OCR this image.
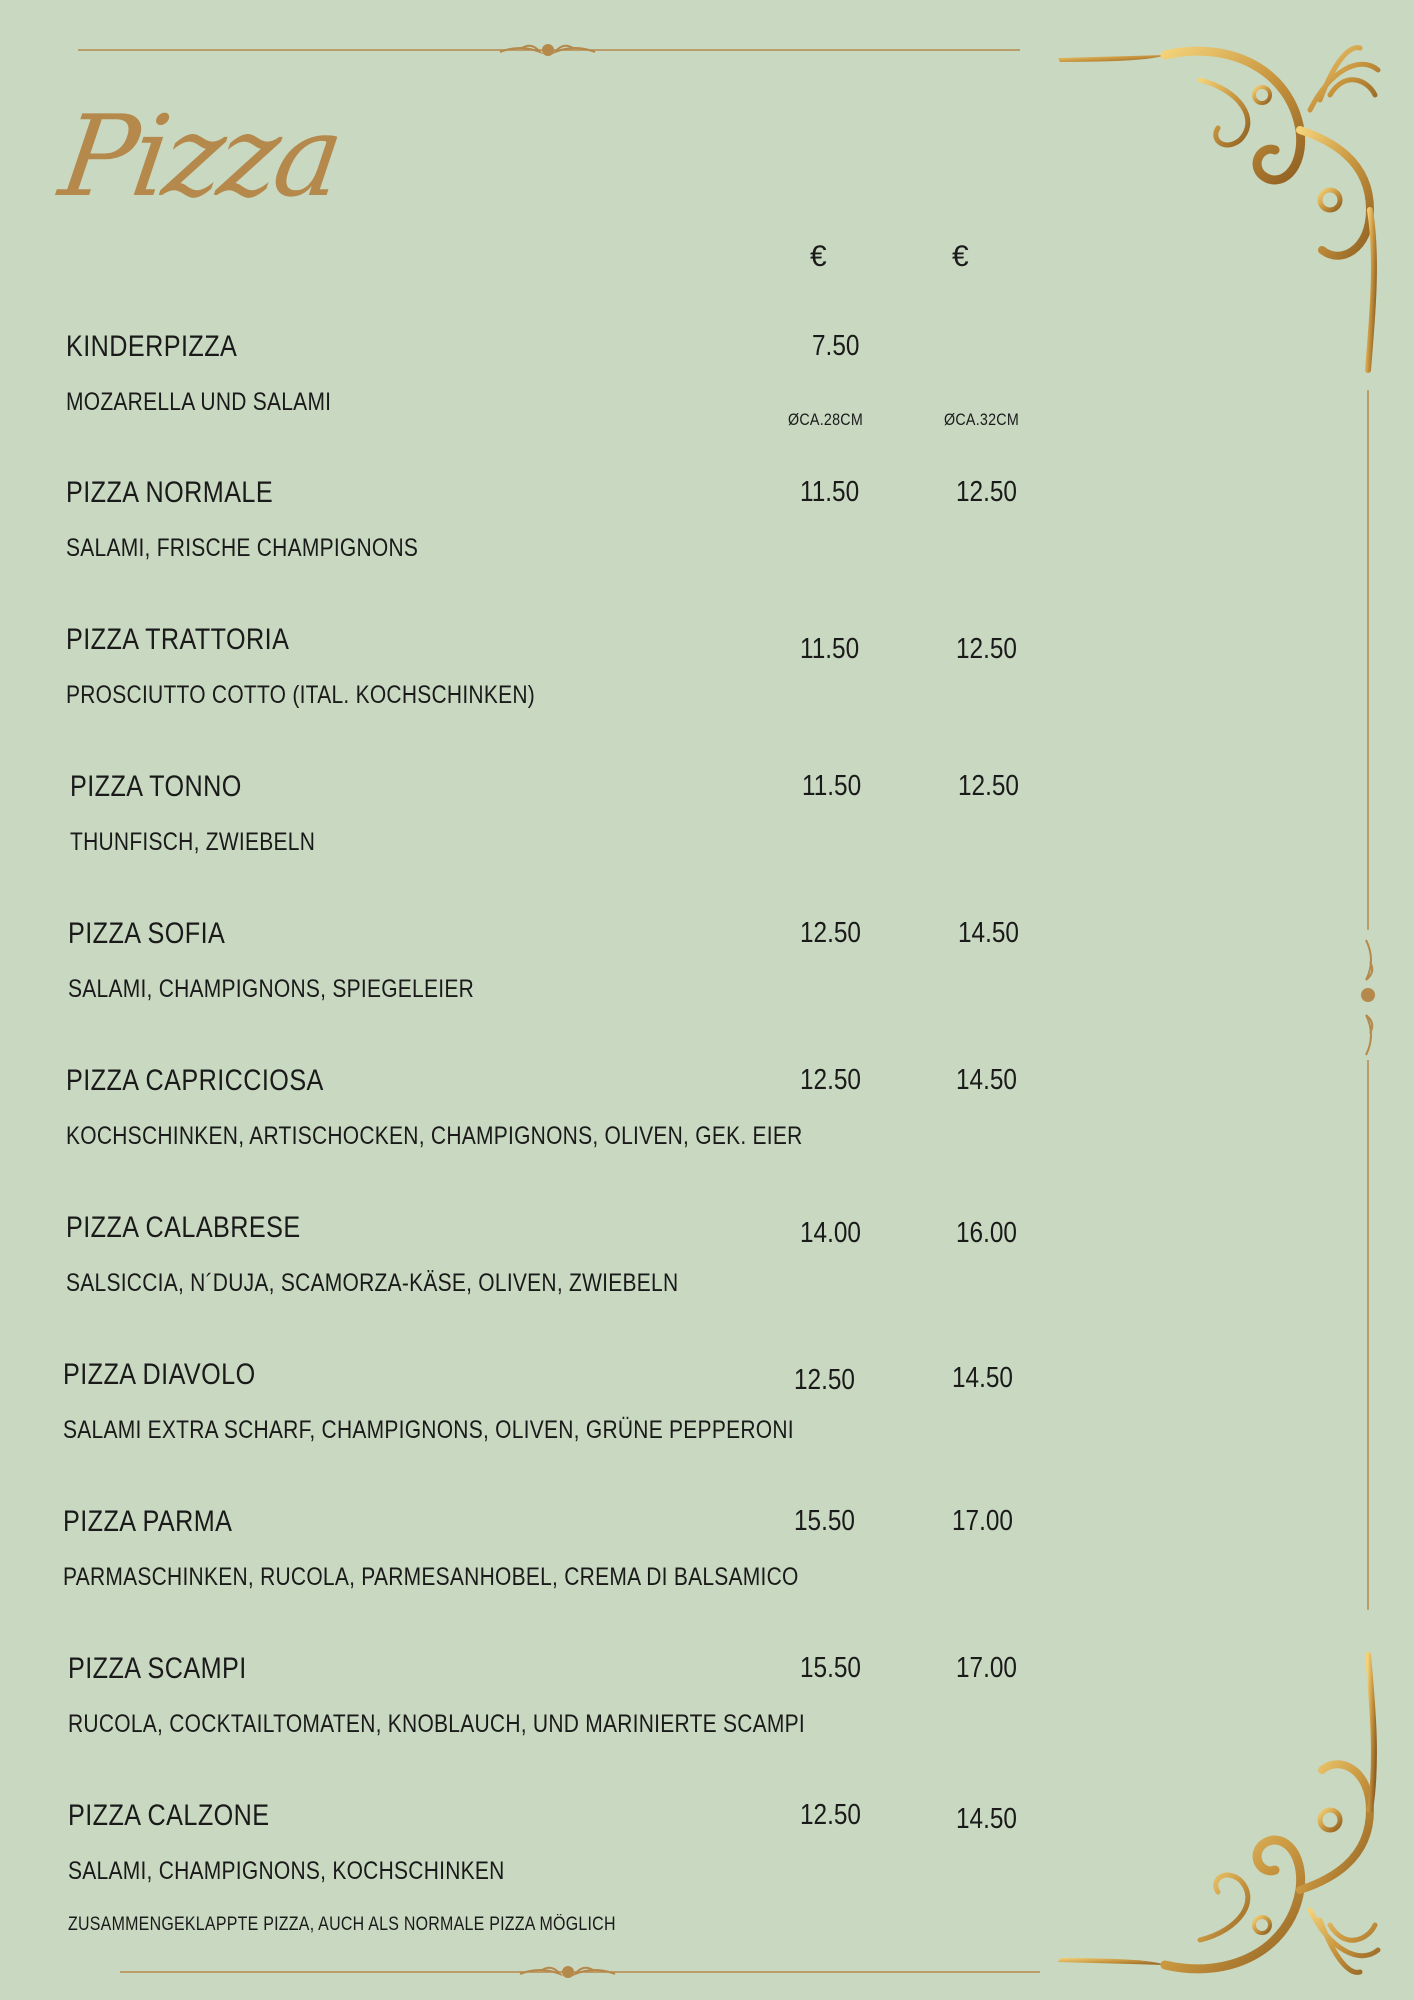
Pizza
€	€
ØCA.28CM	ØCA.32CM
KINDERPIZZA
MOZARELLA UND SALAMI
7.50
PIZZA NORMALE
SALAMI, FRISCHE CHAMPIGNONS
11.50	12.50
PIZZA TRATTORIA
PROSCIUTTO COTTO (ITAL. KOCHSCHINKEN)
11.50	12.50
PIZZA TONNO
THUNFISCH, ZWIEBELN
11.50	12.50
PIZZA SOFIA
SALAMI, CHAMPIGNONS, SPIEGELEIER
12.50	14.50
PIZZA CAPRICCIOSA
KOCHSCHINKEN, ARTISCHOCKEN, CHAMPIGNONS, OLIVEN, GEK. EIER
12.50	14.50
PIZZA CALABRESE
SALSICCIA, N´DUJA, SCAMORZA-KÄSE, OLIVEN, ZWIEBELN
14.00	16.00
PIZZA DIAVOLO
SALAMI EXTRA SCHARF, CHAMPIGNONS, OLIVEN, GRÜNE PEPPERONI
12.50	14.50
PIZZA PARMA
PARMASCHINKEN, RUCOLA, PARMESANHOBEL, CREMA DI BALSAMICO
15.50	17.00
PIZZA SCAMPI
RUCOLA, COCKTAILTOMATEN, KNOBLAUCH, UND MARINIERTE SCAMPI
15.50	17.00
PIZZA CALZONE
SALAMI, CHAMPIGNONS, KOCHSCHINKEN
12.50	14.50
ZUSAMMENGEKLAPPTE PIZZA, AUCH ALS NORMALE PIZZA MÖGLICH
